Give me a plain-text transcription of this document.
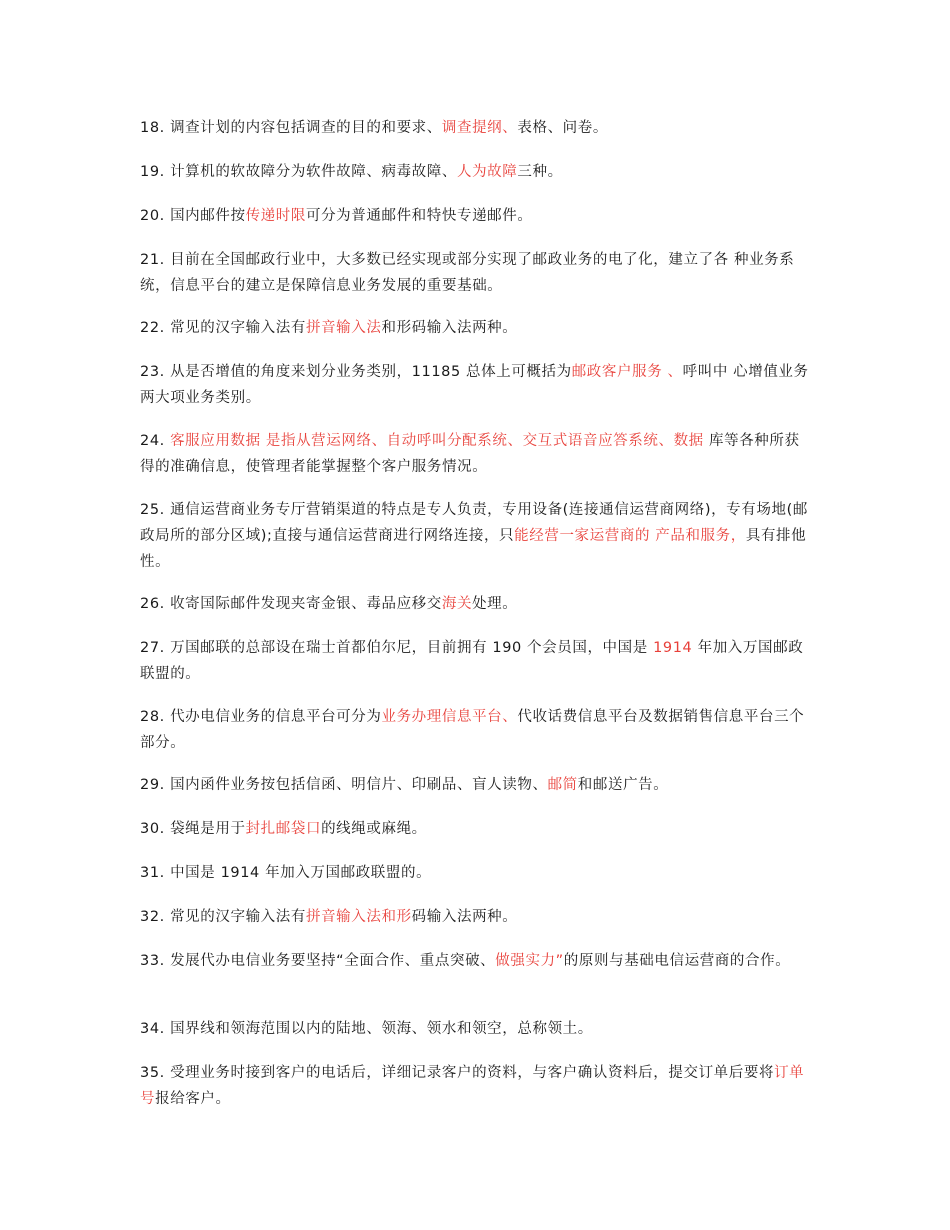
18. 调查计划的内容包括调查的目的和要求、调查提纲、表格、问卷。

19. 计算机的软故障分为软件故障、病毒故障、人为故障三种。

20. 国内邮件按传递时限可分为普通邮件和特快专递邮件。

21. 目前在全国邮政行业中，大多数已经实现或部分实现了邮政业务的电了化，建立了各 种业务系统，信息平台的建立是保障信息业务发展的重要基础。

22. 常见的汉字输入法有拼音输入法和形码输入法两种。

23. 从是否增值的角度来划分业务类别，11185 总体上可概括为邮政客户服务 、呼叫中 心增值业务两大项业务类别。

24. 客服应用数据 是指从营运网络、自动呼叫分配系统、交互式语音应答系统、数据 库等各种所获得的准确信息，使管理者能掌握整个客户服务情况。

25. 通信运营商业务专厅营销渠道的特点是专人负责，专用设备(连接通信运营商网络)，专有场地(邮政局所的部分区域);直接与通信运营商进行网络连接，只能经营一家运营商的 产品和服务，具有排他性。

26. 收寄国际邮件发现夹寄金银、毒品应移交海关处理。

27. 万国邮联的总部设在瑞士首都伯尔尼，目前拥有 190 个会员国，中国是 1914 年加入万国邮政联盟的。

28. 代办电信业务的信息平台可分为业务办理信息平台、代收话费信息平台及数据销售信息平台三个部分。

29. 国内函件业务按包括信函、明信片、印刷品、盲人读物、邮简和邮送广告。

30. 袋绳是用于封扎邮袋口的线绳或麻绳。

31. 中国是 1914 年加入万国邮政联盟的。

32. 常见的汉字输入法有拼音输入法和形码输入法两种。

33. 发展代办电信业务要坚持“全面合作、重点突破、做强实力”的原则与基础电信运营商的合作。

34. 国界线和领海范围以内的陆地、领海、领水和领空，总称领土。

35. 受理业务时接到客户的电话后，详细记录客户的资料，与客户确认资料后，提交订单后要将订单号报给客户。
